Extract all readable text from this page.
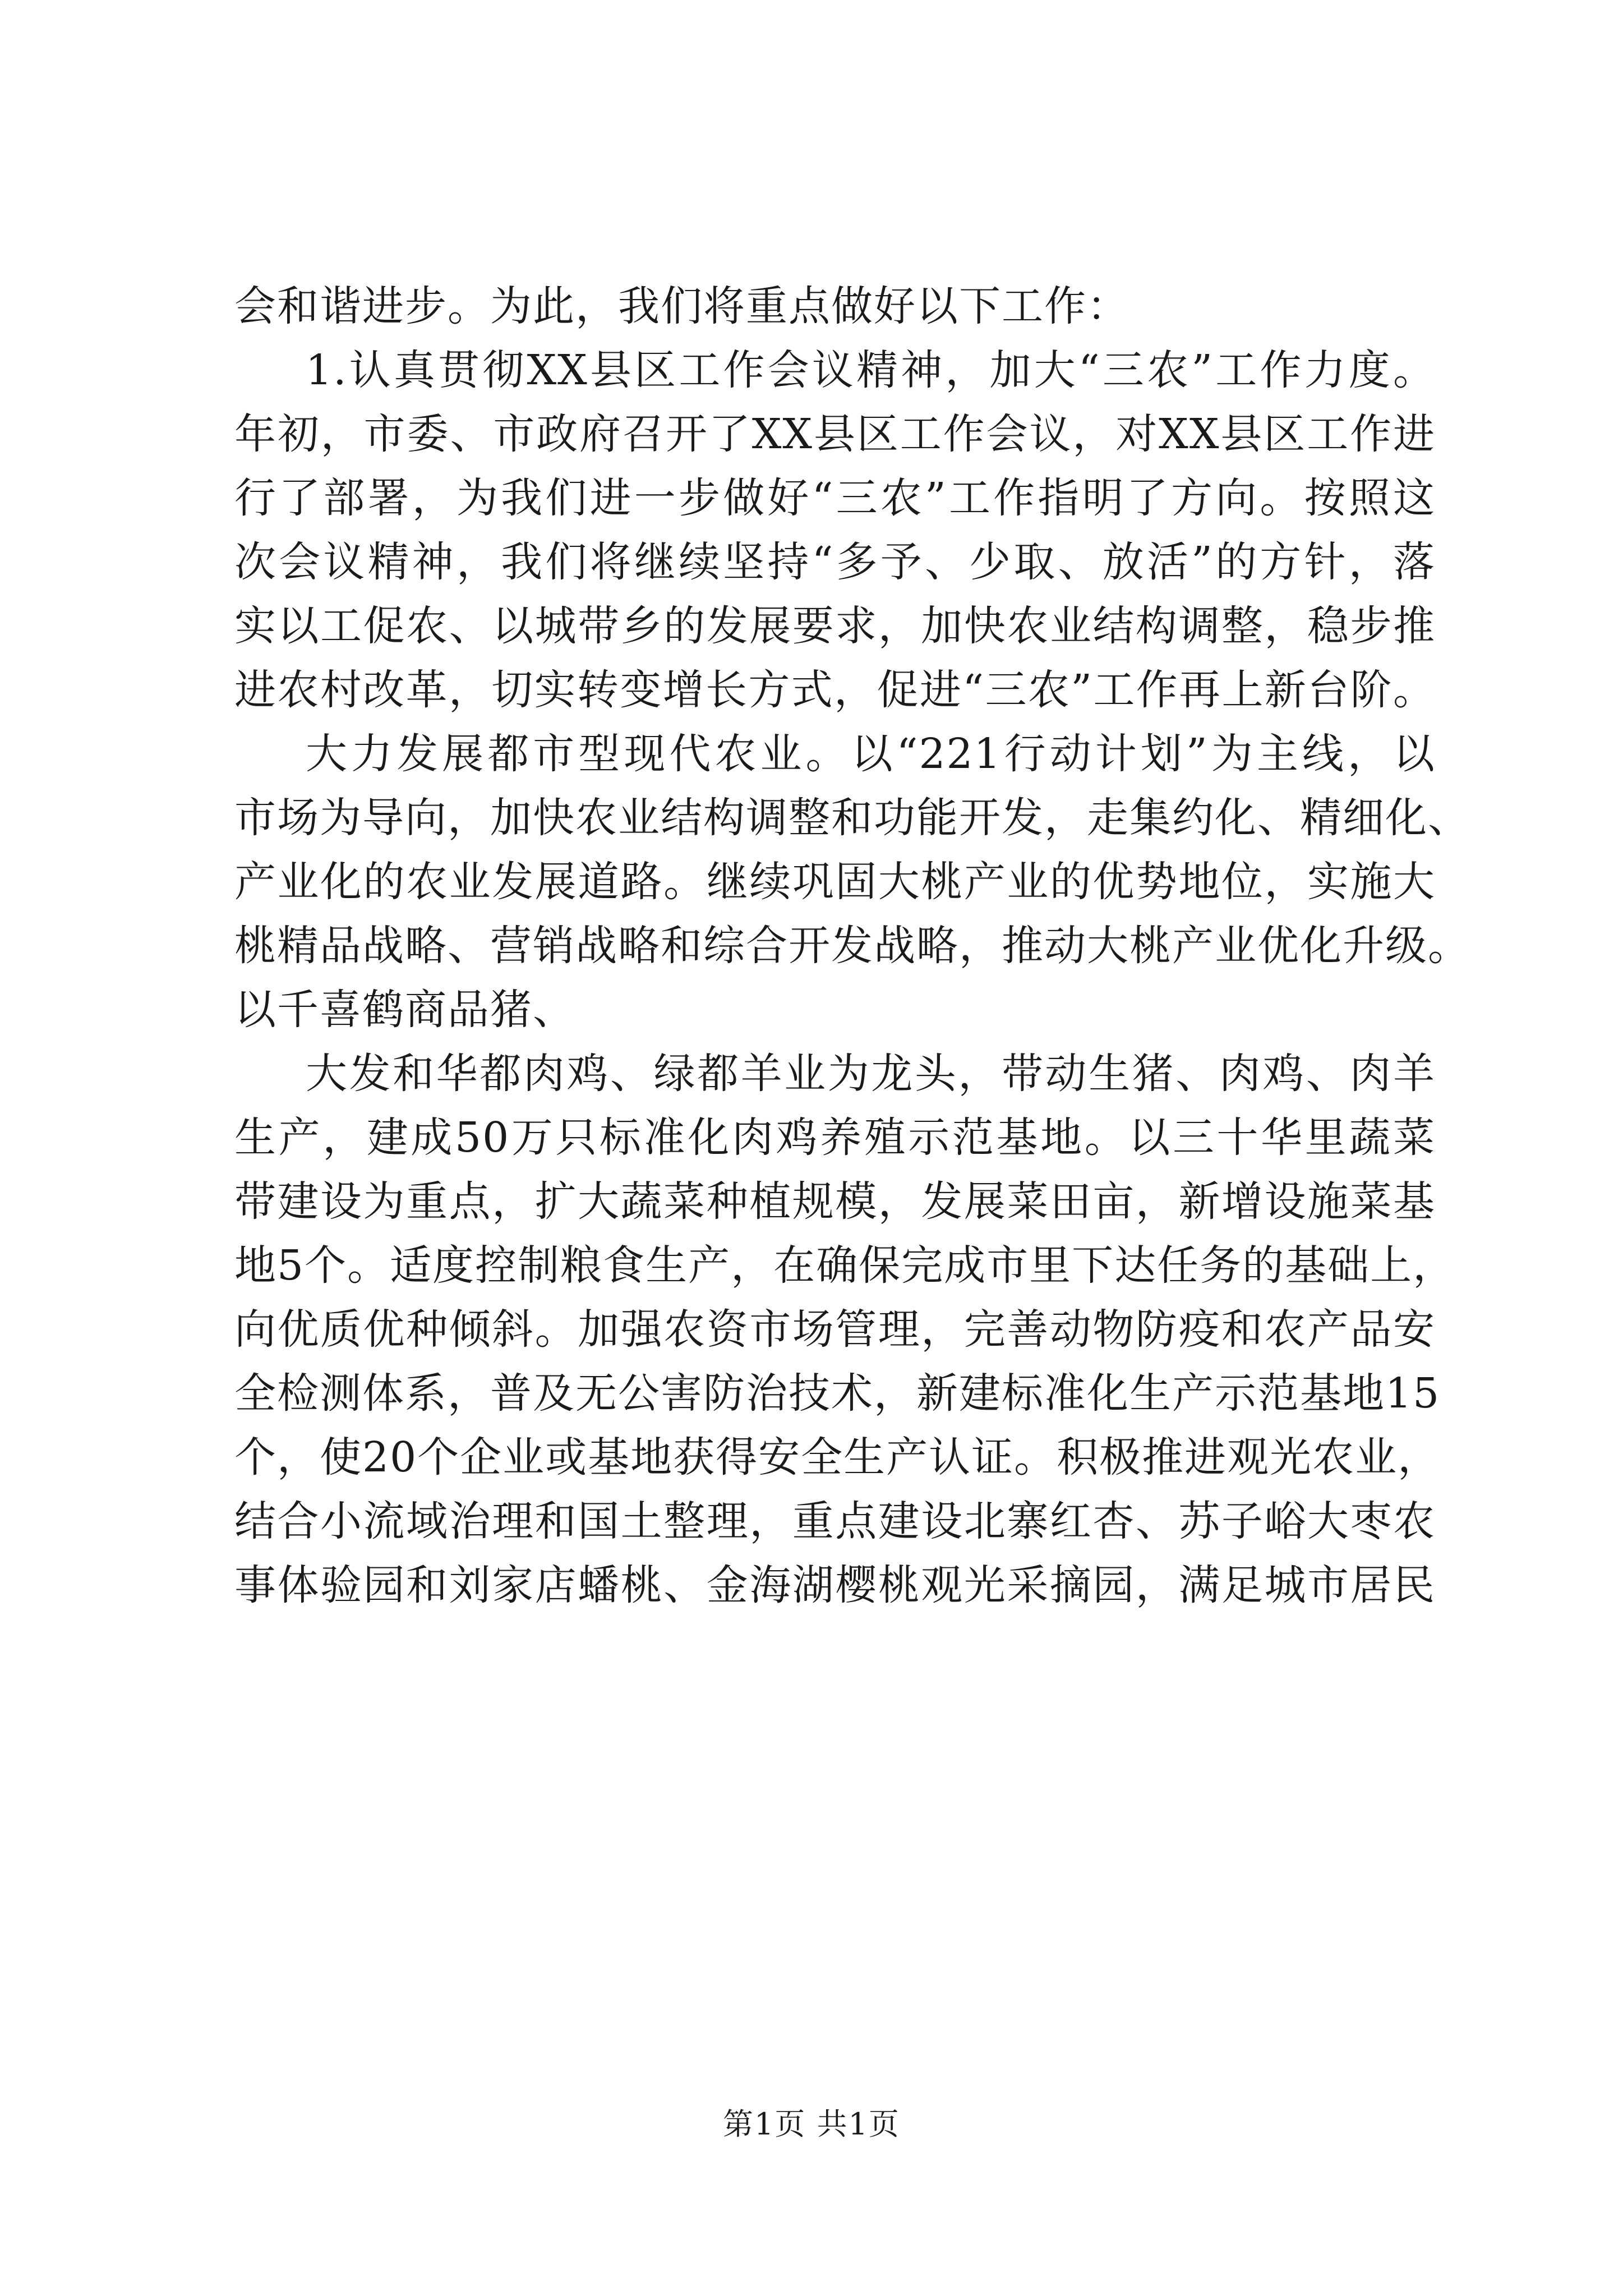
会和谐进步。为此，我们将重点做好以下工作：
1.认真贯彻XX县区工作会议精神，加大“三农”工作力度。
年初，市委、市政府召开了XX县区工作会议，对XX县区工作进
行了部署，为我们进一步做好“三农”工作指明了方向。按照这
次会议精神，我们将继续坚持“多予、少取、放活”的方针，落
实以工促农、以城带乡的发展要求，加快农业结构调整，稳步推
进农村改革，切实转变增长方式，促进“三农”工作再上新台阶。
大力发展都市型现代农业。以“221行动计划”为主线，以
市场为导向，加快农业结构调整和功能开发，走集约化、精细化、
产业化的农业发展道路。继续巩固大桃产业的优势地位，实施大
桃精品战略、营销战略和综合开发战略，推动大桃产业优化升级。
以千喜鹤商品猪、
大发和华都肉鸡、绿都羊业为龙头，带动生猪、肉鸡、肉羊
生产，建成50万只标准化肉鸡养殖示范基地。以三十华里蔬菜
带建设为重点，扩大蔬菜种植规模，发展菜田亩，新增设施菜基
地5个。适度控制粮食生产，在确保完成市里下达任务的基础上，
向优质优种倾斜。加强农资市场管理，完善动物防疫和农产品安
全检测体系，普及无公害防治技术，新建标准化生产示范基地15
个，使20个企业或基地获得安全生产认证。积极推进观光农业，
结合小流域治理和国土整理，重点建设北寨红杏、苏子峪大枣农
事体验园和刘家店蟠桃、金海湖樱桃观光采摘园，满足城市居民
第1页 共1页
